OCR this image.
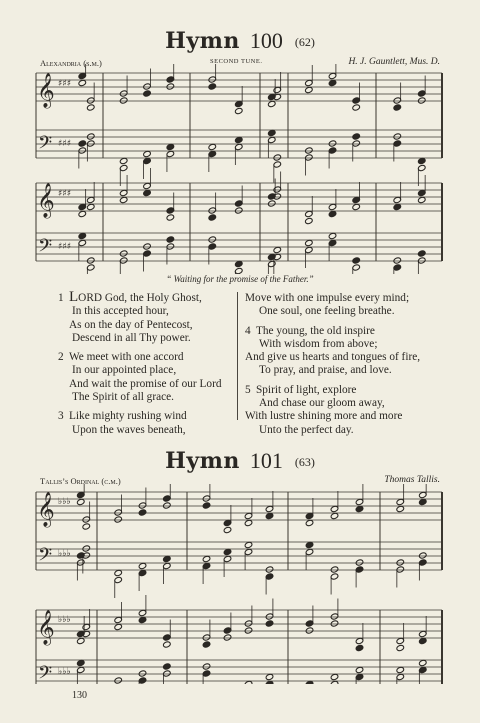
Hymn 100 (62)
Alexandria (s.m.)	SECOND TUNE.	H. J. Gauntlett, Mus. D.
𝄞
𝄢
𝄞
𝄢
♯♯♯
♯♯♯
♯♯♯
♯♯♯
“ Waiting for the promise of the Father.”
1 LORD God, the Holy Ghost,
In this accepted hour,
As on the day of Pentecost,
Descend in all Thy power.
2 We meet with one accord
In our appointed place,
And wait the promise of our Lord
The Spirit of all grace.
3 Like mighty rushing wind
Upon the waves beneath,
Move with one impulse every mind;
One soul, one feeling breathe.
4 The young, the old inspire
With wisdom from above;
And give us hearts and tongues of fire,
To pray, and praise, and love.
5 Spirit of light, explore
And chase our gloom away,
With lustre shining more and more
Unto the perfect day.
Hymn 101 (63)
Tallis’s Ordinal (c.m.)	Thomas Tallis.
𝄞
𝄢
𝄞
𝄢
♭♭♭
♭♭♭
♭♭♭
♭♭♭
130
